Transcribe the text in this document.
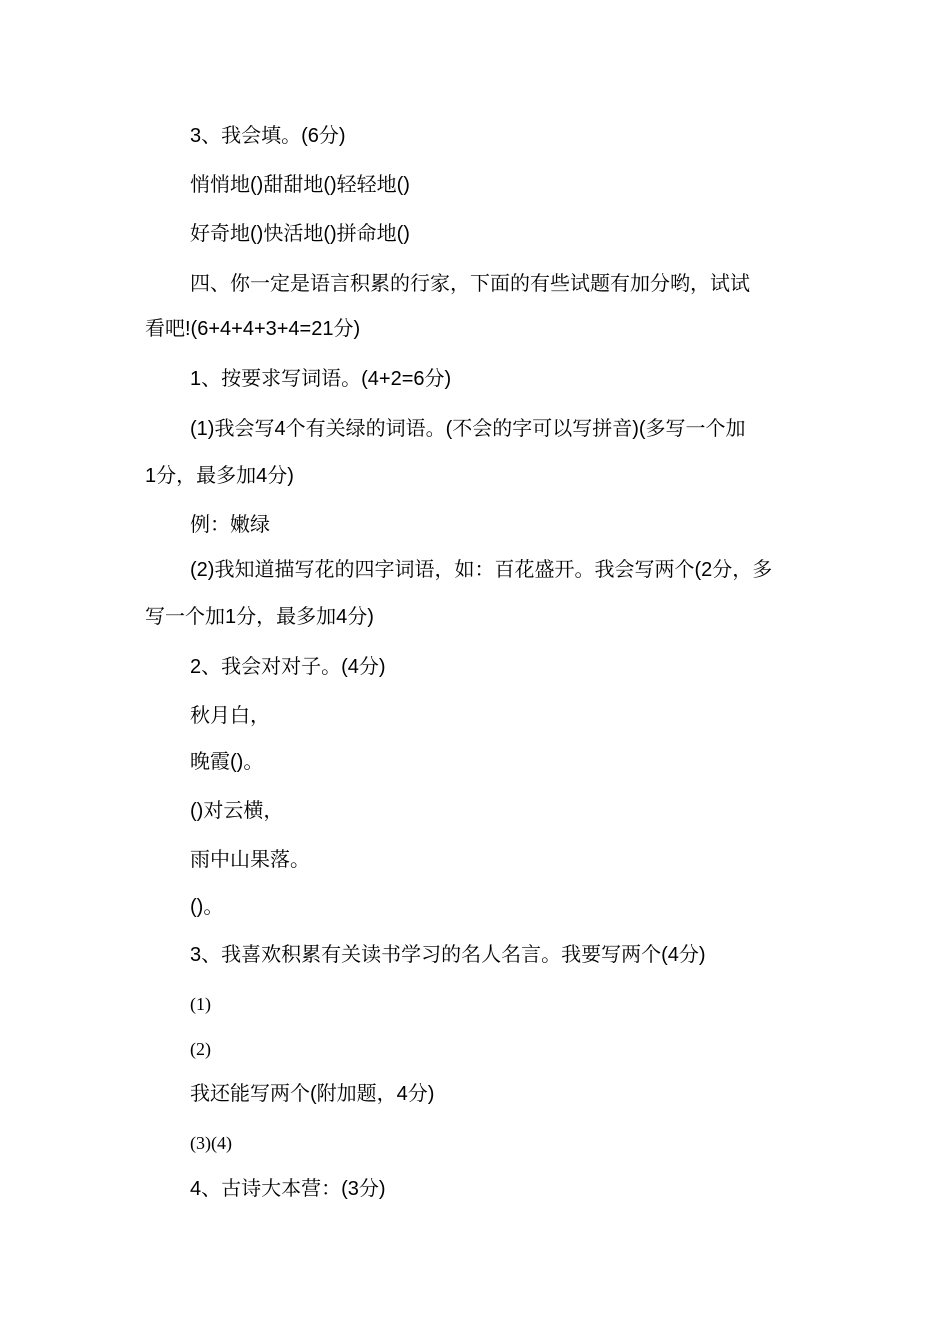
3、我会填。(6分)
悄悄地()甜甜地()轻轻地()
好奇地()快活地()拼命地()
四、你一定是语言积累的行家，下面的有些试题有加分哟，试试
看吧!(6+4+4+3+4=21分)
1、按要求写词语。(4+2=6分)
(1)我会写4个有关绿的词语。(不会的字可以写拼音)(多写一个加
1分，最多加4分)
例：嫩绿
(2)我知道描写花的四字词语，如：百花盛开。我会写两个(2分，多
写一个加1分，最多加4分)
2、我会对对子。(4分)
秋月白，
晚霞()。
()对云横，
雨中山果落。
()。
3、我喜欢积累有关读书学习的名人名言。我要写两个(4分)
(1)
(2)
我还能写两个(附加题，4分)
(3)(4)
4、古诗大本营：(3分)
